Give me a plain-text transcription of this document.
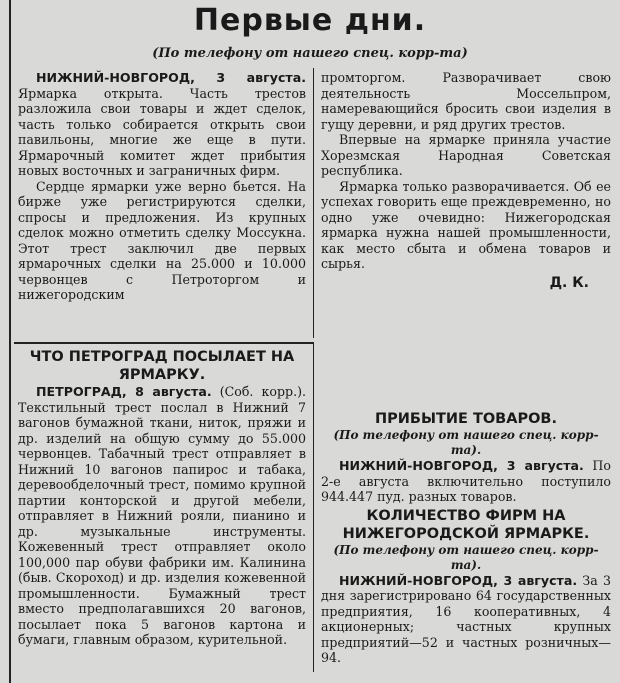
Первые дни.
(По телефону от нашего спец. корр-та)

НИЖНИЙ-НОВГОРОД, 3 августа. Ярмарка открыта. Часть трестов разложила свои товары и ждет сделок, часть только собирается открыть свои павильоны, многие же еще в пути. Ярмарочный комитет ждет прибытия новых восточных и заграничных фирм.

Сердце ярмарки уже верно бьется. На бирже уже регистрируются сделки, спросы и предложения. Из крупных сделок можно отметить сделку Моссукна. Этот трест заключил две первых ярмарочных сделки на 25.000 и 10.000 червонцев с Петроторгом и нижегородским

промторгом. Разворачивает свою деятельность Моссельпром, намеревающийся бросить свои изделия в гущу деревни, и ряд других трестов.

Впервые на ярмарке приняла участие Хорезмская Народная Советская республика.

Ярмарка только разворачивается. Об ее успехах говорить еще преждевременно, но одно уже очевидно: Нижегородская ярмарка нужна нашей промышленности, как место сбыта и обмена товаров и сырья.

Д. К.
ЧТО ПЕТРОГРАД ПОСЫЛАЕТ НА ЯРМАРКУ.

ПЕТРОГРАД, 8 августа. (Соб. корр.). Текстильный трест послал в Нижний 7 вагонов бумажной ткани, ниток, пряжи и др. изделий на общую сумму до 55.000 червонцев. Табачный трест отправляет в Нижний 10 вагонов папирос и табака, деревообделочный трест, помимо крупной партии конторской и другой мебели, отправляет в Нижний рояли, пианино и др. музыкальные инструменты. Кожевенный трест отправляет около 100,000 пар обуви фабрики им. Калинина (быв. Скороход) и др. изделия кожевенной промышленности. Бумажный трест вместо предполагавшихся 20 вагонов, посылает пока 5 вагонов картона и бумаги, главным образом, курительной.

ПРИБЫТИЕ ТОВАРОВ.
(По телефону от нашего спец. корр-та).

НИЖНИЙ-НОВГОРОД, 3 августа. По 2-е августа включительно поступило 944.447 пуд. разных товаров.

КОЛИЧЕСТВО ФИРМ НА НИЖЕГОРОДСКОЙ ЯРМАРКЕ.
(По телефону от нашего спец. корр-та).

НИЖНИЙ-НОВГОРОД, 3 августа. За 3 дня зарегистрировано 64 государственных предприятия, 16 кооперативных, 4 акционерных; частных крупных предприятий—52 и частных розничных—94.
